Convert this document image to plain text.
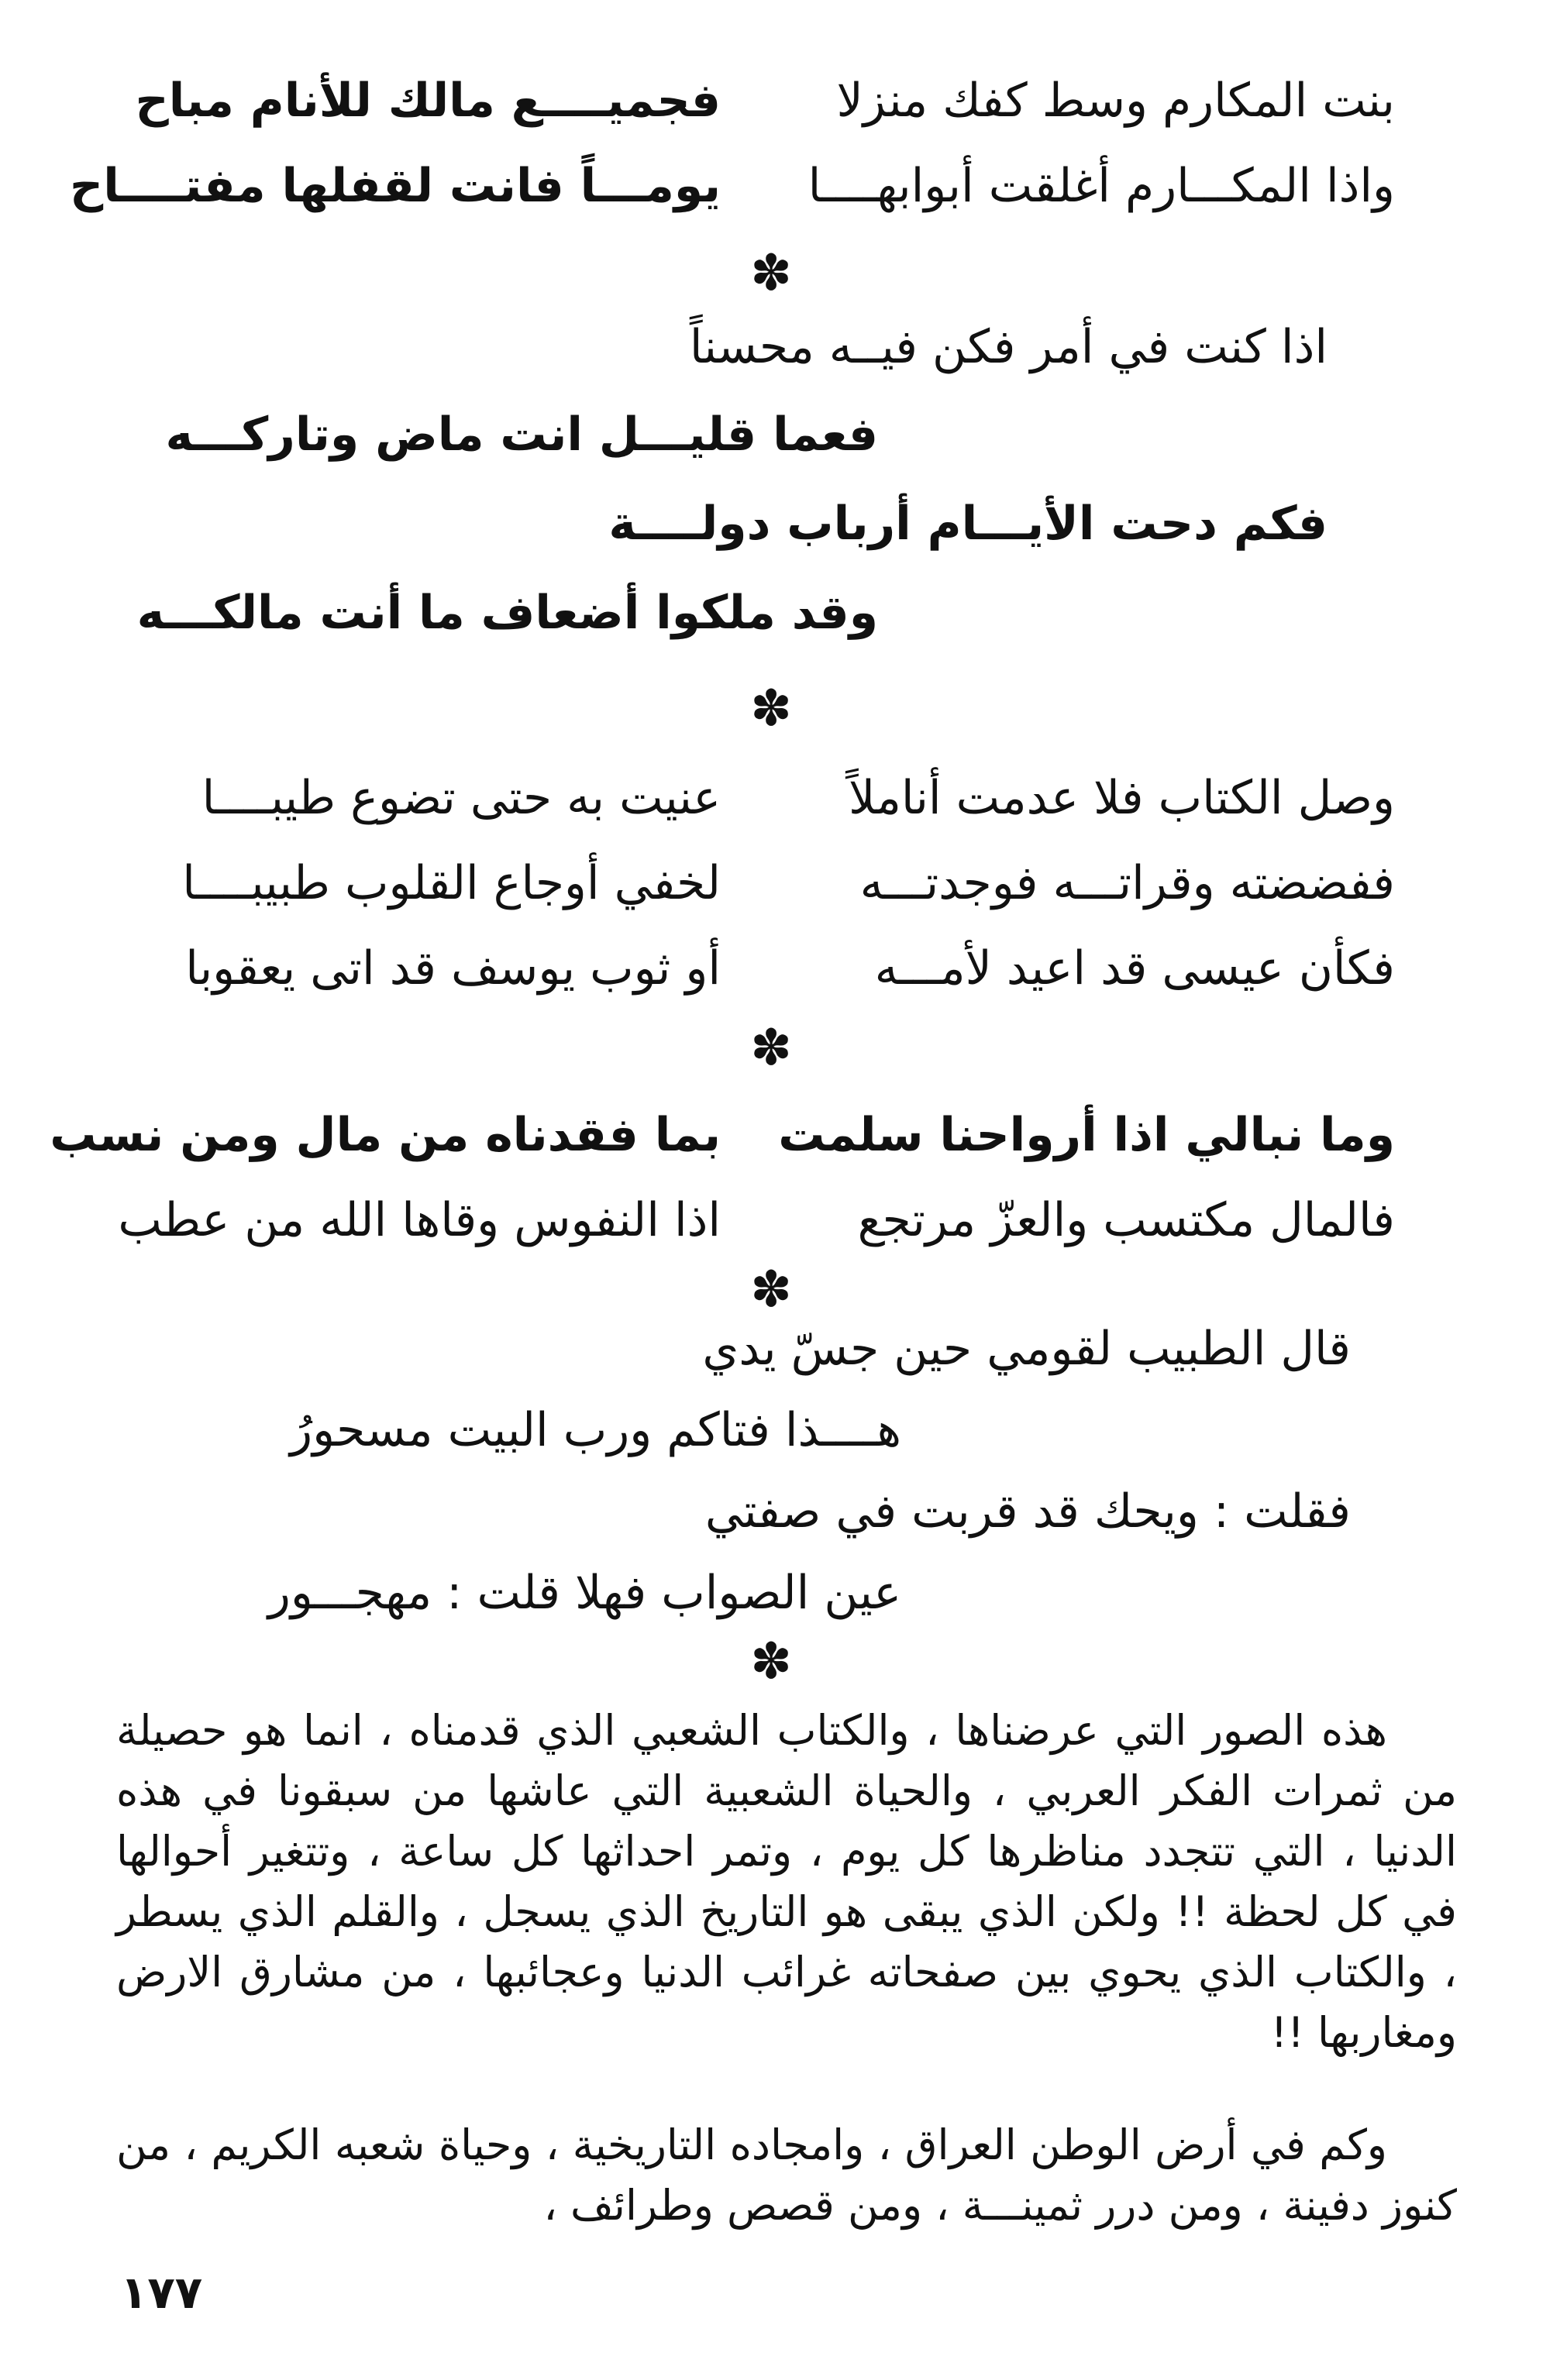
بنت المكارم وسط كفك منزلا
فجميــــع مالك للأنام مباح
واذا المكـــارم أغلقت أبوابهــــا
يومـــاً فانت لقفلها مفتــــاح
✽
اذا كنت في أمر فكن فيــه محسناً
فعما قليـــل انت ماض وتاركـــه
فكم دحت الأيـــام أرباب دولــــة
وقد ملكوا أضعاف ما أنت مالكـــه
✽
وصل الكتاب فلا عدمت أناملاً
عنيت به حتى تضوع طيبــــا
ففضضته وقراتـــه فوجدتـــه
لخفي أوجاع القلوب طبيبــــا
فكأن عيسى قد اعيد لأمـــه
أو ثوب يوسف قد اتى يعقوبا
✽
وما نبالي اذا أرواحنا سلمت
بما فقدناه من مال ومن نسب
فالمال مكتسب والعزّ مرتجع
اذا النفوس وقاها الله من عطب
✽
قال الطبيب لقومي حين جسّ يدي
هــــذا فتاكم ورب البيت مسحورُ
فقلت : ويحك قد قربت في صفتي
عين الصواب فهلا قلت : مهجـــور
✽

هذه الصور التي عرضناها ، والكتاب الشعبي الذي قدمناه ، انما هو حصيلة من ثمرات الفكر العربي ، والحياة الشعبية التي عاشها من سبقونا في هذه الدنيا ، التي تتجدد مناظرها كل يوم ، وتمر احداثها كل ساعة ، وتتغير أحوالها في كل لحظة !! ولكن الذي يبقى هو التاريخ الذي يسجل ، والقلم الذي يسطر ، والكتاب الذي يحوي بين صفحاته غرائب الدنيا وعجائبها ، من مشارق الارض ومغاربها !!

وكم في أرض الوطن العراق ، وامجاده التاريخية ، وحياة شعبه الكريم ، من كنوز دفينة ، ومن درر ثمينـــة ، ومن قصص وطرائف ،

١٧٧
